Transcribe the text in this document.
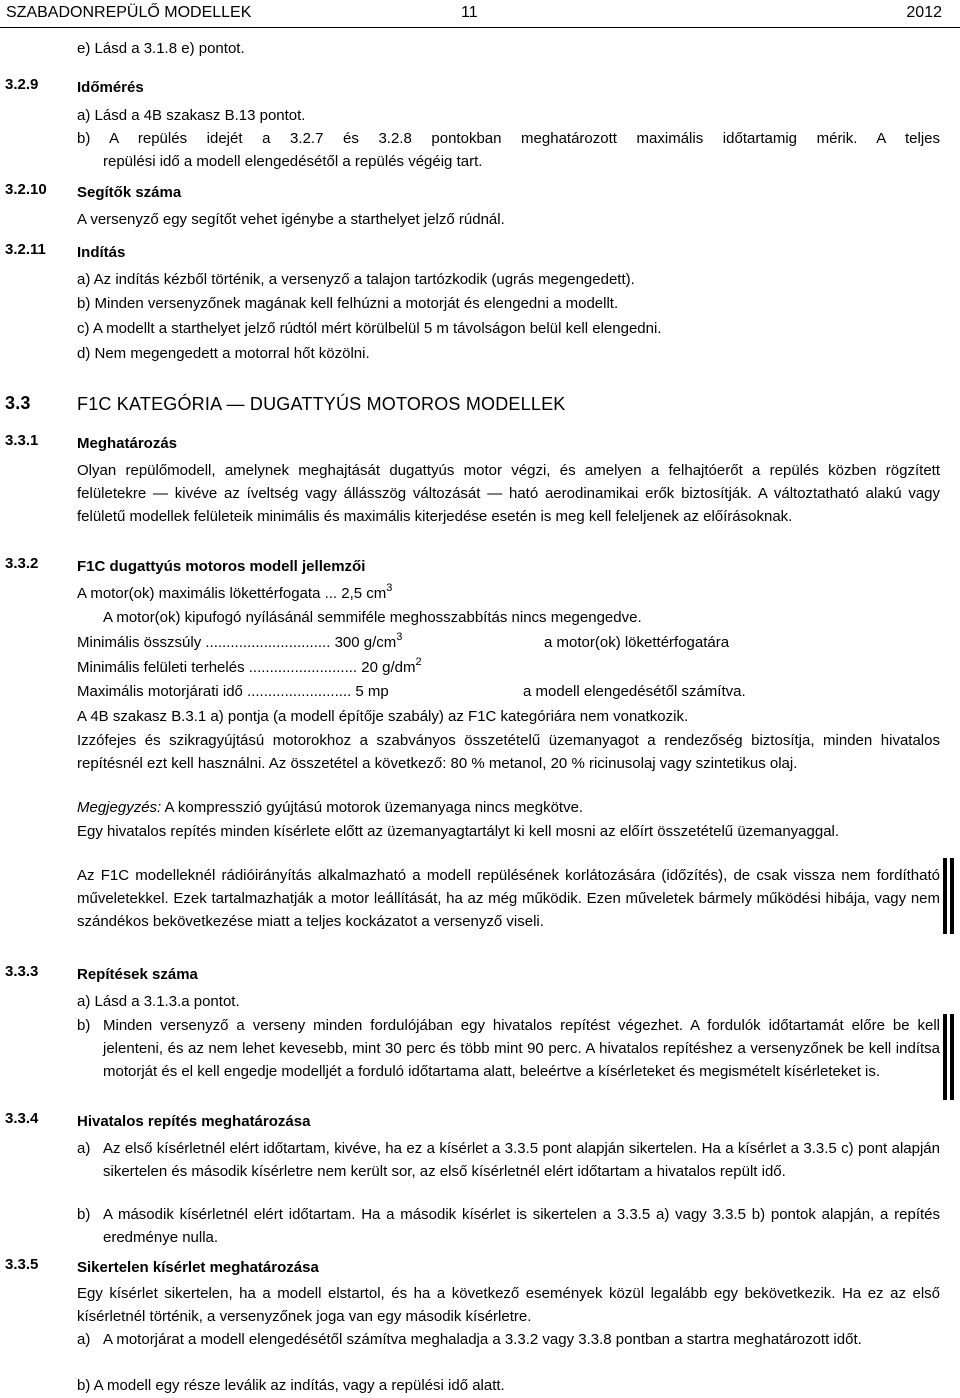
SZABADONREPÜLŐ MODELLEK	11	2012
e) Lásd a 3.1.8 e) pontot.
3.2.9	Időmérés
a) Lásd a 4B szakasz B.13 pontot.
b) A repülés idejét a 3.2.7 és 3.2.8 pontokban meghatározott maximális időtartamig mérik. A teljes
repülési idő a modell elengedésétől a repülés végéig tart.
3.2.10 Segítők száma
A versenyző egy segítőt vehet igénybe a starthelyet jelző rúdnál.
3.2.11 Indítás
a) Az indítás kézből történik, a versenyző a talajon tartózkodik (ugrás megengedett).
b) Minden versenyzőnek magának kell felhúzni a motorját és elengedni a modellt.
c) A modellt a starthelyet jelző rúdtól mért körülbelül 5 m távolságon belül kell elengedni.
d) Nem megengedett a motorral hőt közölni.
3.3	F1C KATEGÓRIA — DUGATTYÚS MOTOROS MODELLEK
3.3.1	Meghatározás
Olyan repülőmodell, amelynek meghajtását dugattyús motor végzi, és amelyen a felhajtóerőt a repülés közben rögzített felületekre — kivéve az íveltség vagy állásszög változását — ható aerodinamikai erők biztosítják. A változtatható alakú vagy felületű modellek felületeik minimális és maximális kiterjedése esetén is meg kell feleljenek az előírásoknak.
3.3.2	F1C dugattyús motoros modell jellemzői
A motor(ok) maximális lökettérfogata ... 2,5 $cm^3$
A motor(ok) kipufogó nyílásánál semmiféle meghosszabbítás nincs megengedve.
Minimális összsúly .............................. 300 $g/cm^3$	a motor(ok) lökettérfogatára
Minimális felületi terhelés .......................... 20 $g/dm^2$
Maximális motorjárati idő ......................... 5 mp	a modell elengedésétől számítva.
A 4B szakasz B.3.1 a) pontja (a modell építője szabály) az F1C kategóriára nem vonatkozik.
Izzófejes és szikragyújtású motorokhoz a szabványos összetételű üzemanyagot a rendezőség biztosítja, minden hivatalos repítésnél ezt kell használni. Az összetétel a következő: 80 % metanol, 20 % ricinusolaj vagy szintetikus olaj.
Megjegyzés: A kompresszió gyújtású motorok üzemanyaga nincs megkötve.
Egy hivatalos repítés minden kísérlete előtt az üzemanyagtartályt ki kell mosni az előírt összetételű üzemanyaggal.
Az F1C modelleknél rádióirányítás alkalmazható a modell repülésének korlátozására (időzítés), de csak vissza nem fordítható műveletekkel. Ezek tartalmazhatják a motor leállítását, ha az még működik. Ezen műveletek bármely működési hibája, vagy nem szándékos bekövetkezése miatt a teljes kockázatot a versenyző viseli.
3.3.3	Repítések száma
a) Lásd a 3.1.3.a pontot.
b) Minden versenyző a verseny minden fordulójában egy hivatalos repítést végezhet. A fordulók időtartamát előre be kell jelenteni, és az nem lehet kevesebb, mint 30 perc és több mint 90 perc. A hivatalos repítéshez a versenyzőnek be kell indítsa motorját és el kell engedje modelljét a forduló időtartama alatt, beleértve a kísérleteket és megismételt kísérleteket is.
3.3.4	Hivatalos repítés meghatározása
a) Az első kísérletnél elért időtartam, kivéve, ha ez a kísérlet a 3.3.5 pont alapján sikertelen. Ha a kísérlet a 3.3.5 c) pont alapján sikertelen és második kísérletre nem került sor, az első kísérletnél elért időtartam a hivatalos repült idő.
b) A második kísérletnél elért időtartam. Ha a második kísérlet is sikertelen a 3.3.5 a) vagy 3.3.5 b) pontok alapján, a repítés eredménye nulla.
3.3.5	Sikertelen kísérlet meghatározása
Egy kísérlet sikertelen, ha a modell elstartol, és ha a következő események közül legalább egy bekövetkezik. Ha ez az első kísérletnél történik, a versenyzőnek joga van egy második kísérletre.
a) A motorjárat a modell elengedésétől számítva meghaladja a 3.3.2 vagy 3.3.8 pontban a startra meghatározott időt.
b) A modell egy része leválik az indítás, vagy a repülési idő alatt.
